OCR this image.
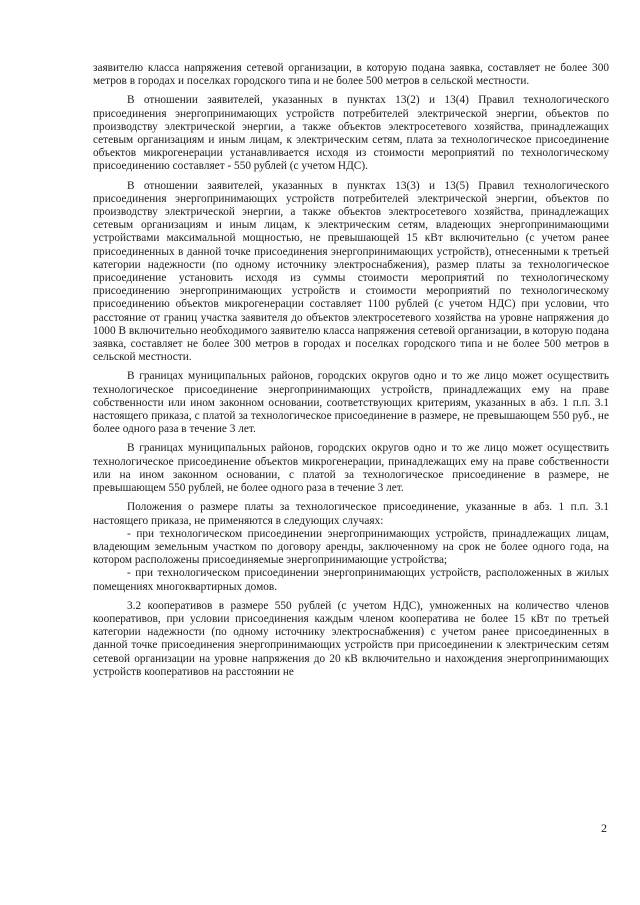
заявителю класса напряжения сетевой организации, в которую подана заявка, составляет не более 300 метров в городах и поселках городского типа и не более 500 метров в сельской местности.

В отношении заявителей, указанных в пунктах 13(2) и 13(4) Правил технологического присоединения энергопринимающих устройств потребителей электрической энергии, объектов по производству электрической энергии, а также объектов электросетевого хозяйства, принадлежащих сетевым организациям и иным лицам, к электрическим сетям, плата за технологическое присоединение объектов микрогенерации устанавливается исходя из стоимости мероприятий по технологическому присоединению составляет - 550 рублей (с учетом НДС).

В отношении заявителей, указанных в пунктах 13(3) и 13(5) Правил технологического присоединения энергопринимающих устройств потребителей электрической энергии, объектов по производству электрической энергии, а также объектов электросетевого хозяйства, принадлежащих сетевым организациям и иным лицам, к электрическим сетям, владеющих энергопринимающими устройствами максимальной мощностью, не превышающей 15 кВт включительно (с учетом ранее присоединенных в данной точке присоединения энергопринимающих устройств), отнесенными к третьей категории надежности (по одному источнику электроснабжения), размер платы за технологическое присоединение установить исходя из суммы стоимости мероприятий по технологическому присоединению энергопринимающих устройств и стоимости мероприятий по технологическому присоединению объектов микрогенерации составляет 1100 рублей (с учетом НДС) при условии, что расстояние от границ участка заявителя до объектов электросетевого хозяйства на уровне напряжения до 1000 В включительно необходимого заявителю класса напряжения сетевой организации, в которую подана заявка, составляет не более 300 метров в городах и поселках городского типа и не более 500 метров в сельской местности.

В границах муниципальных районов, городских округов одно и то же лицо может осуществить технологическое присоединение энергопринимающих устройств, принадлежащих ему на праве собственности или ином законном основании, соответствующих критериям, указанных в абз. 1 п.п. 3.1 настоящего приказа, с платой за технологическое присоединение в размере, не превышающем 550 руб., не более одного раза в течение 3 лет.

В границах муниципальных районов, городских округов одно и то же лицо может осуществить технологическое присоединение объектов микрогенерации, принадлежащих ему на праве собственности или на ином законном основании, с платой за технологическое присоединение в размере, не превышающем 550 рублей, не более одного раза в течение 3 лет.

Положения о размере платы за технологическое присоединение, указанные в абз. 1 п.п. 3.1 настоящего приказа, не применяются в следующих случаях:

- при технологическом присоединении энергопринимающих устройств, принадлежащих лицам, владеющим земельным участком по договору аренды, заключенному на срок не более одного года, на котором расположены присоединяемые энергопринимающие устройства;

- при технологическом присоединении энергопринимающих устройств, расположенных в жилых помещениях многоквартирных домов.

3.2 кооперативов в размере 550 рублей (с учетом НДС), умноженных на количество членов кооперативов, при условии присоединения каждым членом кооператива не более 15 кВт по третьей категории надежности (по одному источнику электроснабжения) с учетом ранее присоединенных в данной точке присоединения энергопринимающих устройств при присоединении к электрическим сетям сетевой организации на уровне напряжения до 20 кВ включительно и нахождения энергопринимающих устройств кооперативов на расстоянии не

2
